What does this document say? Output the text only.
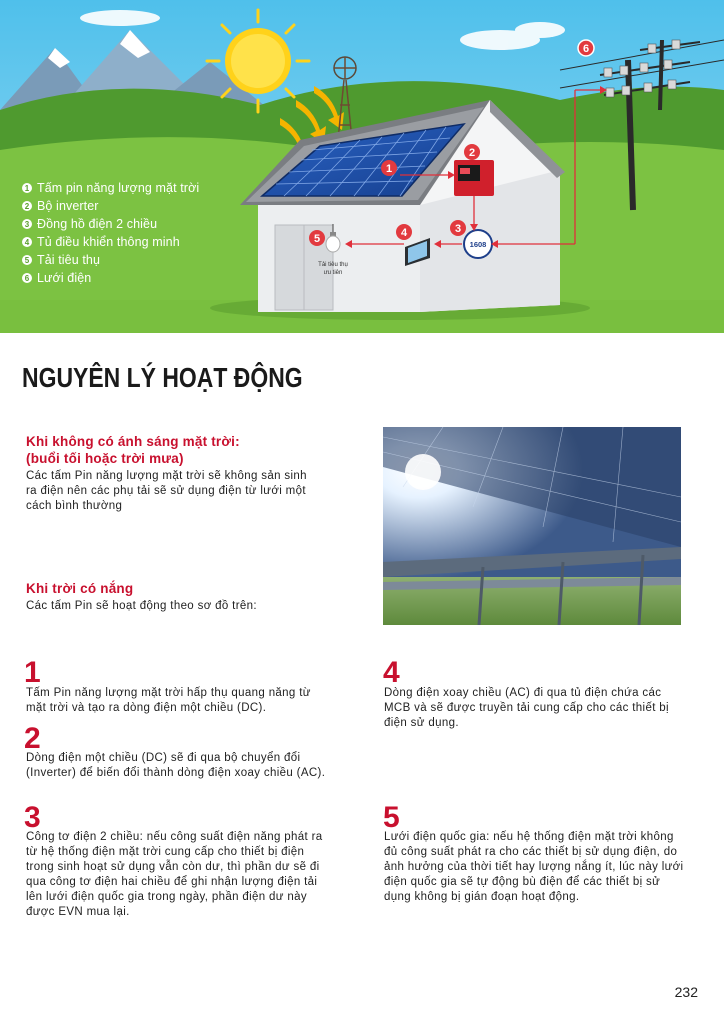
1608
Tải tiêu thụ
ưu tiên
1
2
3
4
5
6
1 Tấm pin năng lượng mặt trời
2 Bộ inverter
3 Đồng hồ điện 2 chiều
4 Tủ điều khiển thông minh
5 Tải tiêu thụ
6 Lưới điện
NGUYÊN LÝ HOẠT ĐỘNG
Khi không có ánh sáng mặt trời:
(buổi tối hoặc trời mưa)

Các tấm Pin năng lượng mặt trời sẽ không sản sinh ra điện nên các phụ tải sẽ sử dụng điện từ lưới một cách bình thường

Khi trời có nắng

Các tấm Pin sẽ hoạt động theo sơ đồ trên:

1

Tấm Pin năng lượng mặt trời hấp thụ quang năng từ mặt trời và tạo ra dòng điện một chiều (DC).

2

Dòng điện một chiều (DC) sẽ đi qua bộ chuyển đổi (Inverter) để biến đổi thành dòng điện xoay chiều (AC).

3

Công tơ điện 2 chiều: nếu công suất điện năng phát ra từ hệ thống điện mặt trời cung cấp cho thiết bị điện trong sinh hoạt sử dụng vẫn còn dư, thì phần dư sẽ đi qua công tơ điện hai chiều để ghi nhận lượng điện tải lên lưới điện quốc gia trong ngày, phần điện dư này được EVN mua lại.

4

Dòng điện xoay chiều (AC) đi qua tủ điện chứa các MCB và sẽ được truyền tải cung cấp cho các thiết bị điện sử dụng.

5

Lưới điện quốc gia: nếu hệ thống điện mặt trời không đủ công suất phát ra cho các thiết bị sử dụng điện, do ảnh hưởng của thời tiết hay lượng nắng ít, lúc này lưới điện quốc gia sẽ tự động bù điện để các thiết bị sử dụng không bị gián đoạn hoạt động.

232
